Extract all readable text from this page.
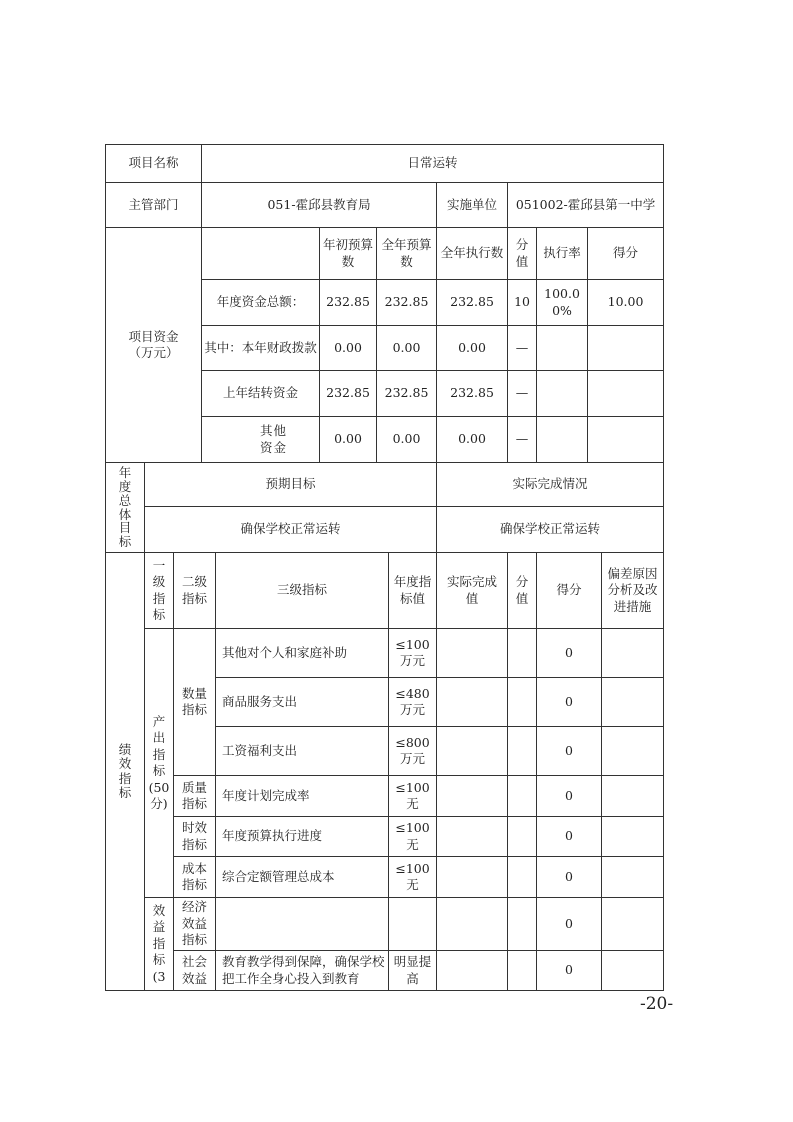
项目名称			日常运转									
主管部门			051-霍邱县教育局					实施单位	051002-霍邱县第一中学			

项目资金（万元）					年初预算数	全年预算数		全年执行数	分值	执行率	得分	
			年度资金总额：		232.85	232.85		232.85	10	100.00%	10.00	
			其中：本年财政拨款		0.00	0.00		0.00	—			
			上年结转资金		232.85	232.85		232.85	—			

			其他资金		0.00	0.00		0.00	—			

年度总体目标	预期目标							实际完成情况				
	确保学校正常运转							确保学校正常运转				

绩效指标	一级指标	二级指标		三级指标			年度指标值	实际完成值	分值	得分		偏差原因分析及改进措施
	产出指标(50分)	数量指标		其他对个人和家庭补助			≤100万元			0		
				商品服务支出			≤480万元			0		
				工资福利支出			≤800万元			0		
		质量指标		年度计划完成率			≤100无			0		
		时效指标		年度预算执行进度			≤100无			0		
		成本指标		综合定额管理总成本			≤100无			0		
	效益指标(3	经济效益指标								0		
		社会效益		教育教学得到保障，确保学校把工作全身心投入到教育			明显提高			0		
-20-
